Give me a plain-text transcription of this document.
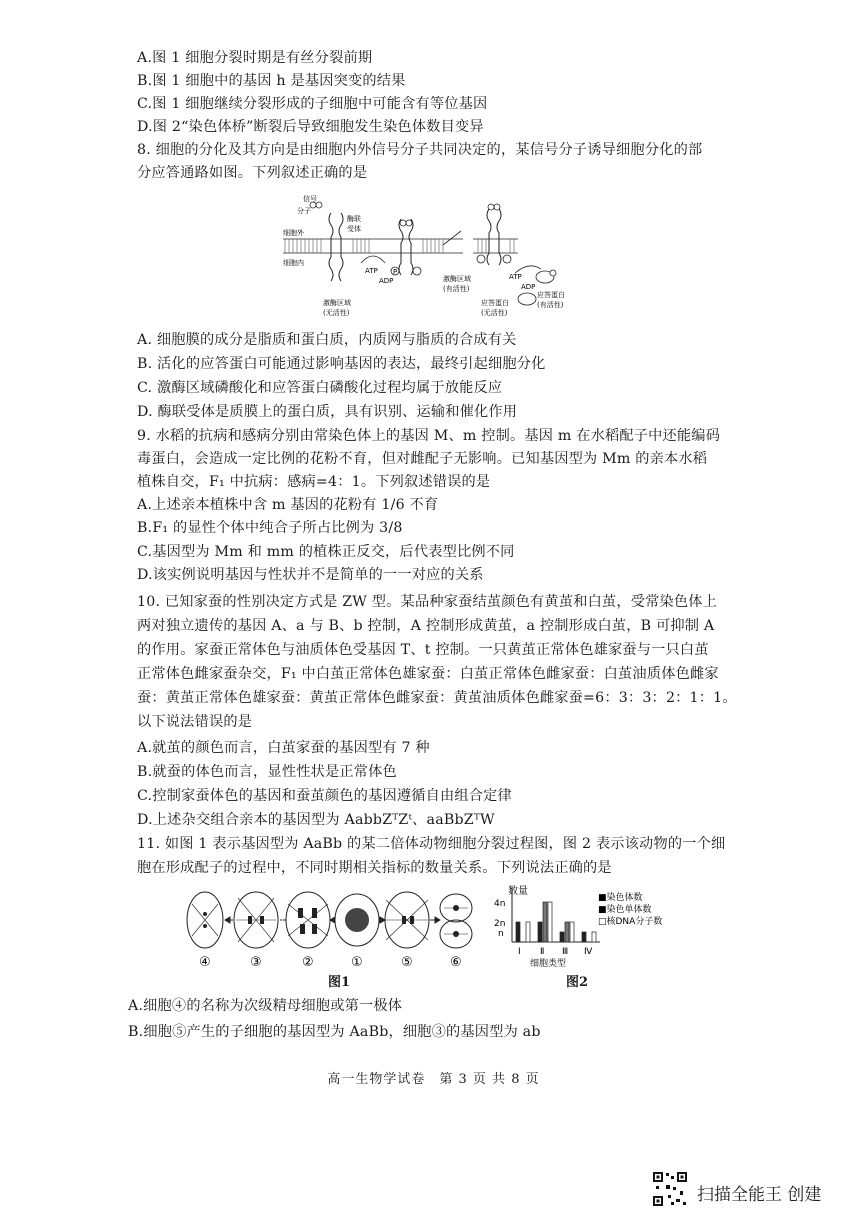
A.图 1 细胞分裂时期是有丝分裂前期
B.图 1 细胞中的基因 h 是基因突变的结果
C.图 1 细胞继续分裂形成的子细胞中可能含有等位基因
D.图 2“染色体桥”断裂后导致细胞发生染色体数目变异
8. 细胞的分化及其方向是由细胞内外信号分子共同决定的，某信号分子诱导细胞分化的部
分应答通路如图。下列叙述正确的是
信号
分子
酶联
受体
细胞外
细胞内
ATP
ADP
P
激酶区域
(无活性)
激酶区域
(有活性)
ATP
ADP
应答蛋白
(无活性)
应答蛋白
(有活性)
A. 细胞膜的成分是脂质和蛋白质，内质网与脂质的合成有关
B. 活化的应答蛋白可能通过影响基因的表达，最终引起细胞分化
C. 激酶区域磷酸化和应答蛋白磷酸化过程均属于放能反应
D. 酶联受体是质膜上的蛋白质，具有识别、运输和催化作用
9. 水稻的抗病和感病分别由常染色体上的基因 M、m 控制。基因 m 在水稻配子中还能编码
毒蛋白，会造成一定比例的花粉不育，但对雌配子无影响。已知基因型为 Mm 的亲本水稻
植株自交，F₁ 中抗病：感病=4：1。下列叙述错误的是
A.上述亲本植株中含 m 基因的花粉有 1/6 不育
B.F₁ 的显性个体中纯合子所占比例为 3/8
C.基因型为 Mm 和 mm 的植株正反交，后代表型比例不同
D.该实例说明基因与性状并不是简单的一一对应的关系
10. 已知家蚕的性别决定方式是 ZW 型。某品种家蚕结茧颜色有黄茧和白茧，受常染色体上
两对独立遗传的基因 A、a 与 B、b 控制，A 控制形成黄茧，a 控制形成白茧，B 可抑制 A
的作用。家蚕正常体色与油质体色受基因 T、t 控制。一只黄茧正常体色雄家蚕与一只白茧
正常体色雌家蚕杂交，F₁ 中白茧正常体色雄家蚕：白茧正常体色雌家蚕：白茧油质体色雌家
蚕：黄茧正常体色雄家蚕：黄茧正常体色雌家蚕：黄茧油质体色雌家蚕=6：3：3：2：1：1。
以下说法错误的是
A.就茧的颜色而言，白茧家蚕的基因型有 7 种
B.就蚕的体色而言，显性性状是正常体色
C.控制家蚕体色的基因和蚕茧颜色的基因遵循自由组合定律
D.上述杂交组合亲本的基因型为 AabbZᵀZᵗ、aaBbZᵀW
11. 如图 1 表示基因型为 AaBb 的某二倍体动物细胞分裂过程图，图 2 表示该动物的一个细
胞在形成配子的过程中，不同时期相关指标的数量关系。下列说法正确的是
④	③	②	①	⑤	⑥
图1
数量
4n
2n
n
Ⅰ Ⅱ Ⅲ Ⅳ
细胞类型
■染色体数
■染色单体数
□核DNA分子数
图2
A.细胞④的名称为次级精母细胞或第一极体
B.细胞⑤产生的子细胞的基因型为 AaBb，细胞③的基因型为 ab
高一生物学试卷　第 3 页 共 8 页
扫描全能王 创建
